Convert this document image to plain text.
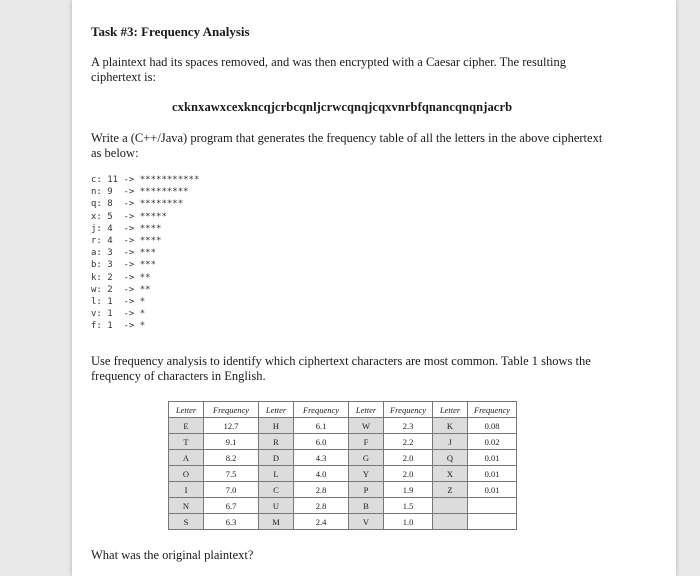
Task #3: Frequency Analysis
A plaintext had its spaces removed, and was then encrypted with a Caesar cipher. The resulting ciphertext is:
cxknxawxcexkncqjcrbcqnljcrwcqnqjcqxvnrbfqnancqnqnjacrb
Write a (C++/Java) program that generates the frequency table of all the letters in the above ciphertext as below:
c: 11 -> ***********
n: 9  -> *********
q: 8  -> ********
x: 5  -> *****
j: 4  -> ****
r: 4  -> ****
a: 3  -> ***
b: 3  -> ***
k: 2  -> **
w: 2  -> **
l: 1  -> *
v: 1  -> *
f: 1  -> *
Use frequency analysis to identify which ciphertext characters are most common. Table 1 shows the frequency of characters in English.
Letter	Frequency	Letter	Frequency	Letter	Frequency	Letter	Frequency
E	12.7	H	6.1	W	2.3	K	0.08
T	9.1	R	6.0	F	2.2	J	0.02
A	8.2	D	4.3	G	2.0	Q	0.01
O	7.5	L	4.0	Y	2.0	X	0.01
I	7.0	C	2.8	P	1.9	Z	0.01
N	6.7	U	2.8	B	1.5		
S	6.3	M	2.4	V	1.0		
What was the original plaintext?
